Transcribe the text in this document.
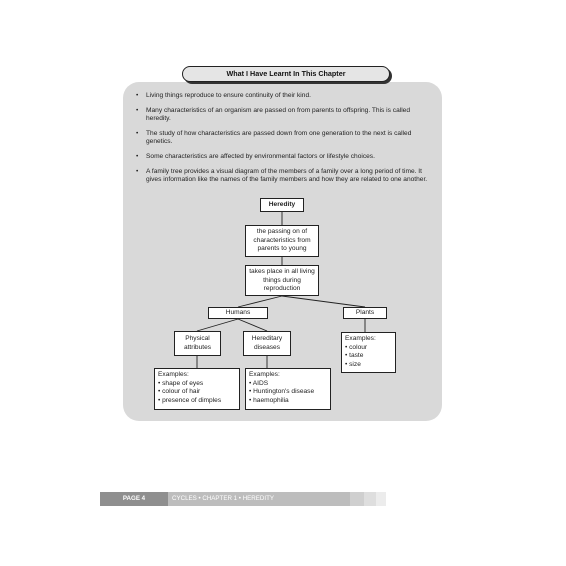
What I Have Learnt In This Chapter
• Living things reproduce to ensure continuity of their kind.
• Many characteristics of an organism are passed on from parents to offspring. This is called heredity.
• The study of how characteristics are passed down from one generation to the next is called genetics.
• Some characteristics are affected by environmental factors or lifestyle choices.
• A family tree provides a visual diagram of the members of a family over a long period of time. It gives information like the names of the family members and how they are related to one another.
Heredity
the passing on of characteristics from parents to young
takes place in all living things during reproduction
Humans	Plants
Physical attributes
Hereditary diseases
Examples:
• shape of eyes
• colour of hair
• presence of dimples
Examples:
• AIDS
• Huntington's disease
• haemophilia
Examples:
• colour
• taste
• size
PAGE 4	CYCLES • CHAPTER 1 • HEREDITY
